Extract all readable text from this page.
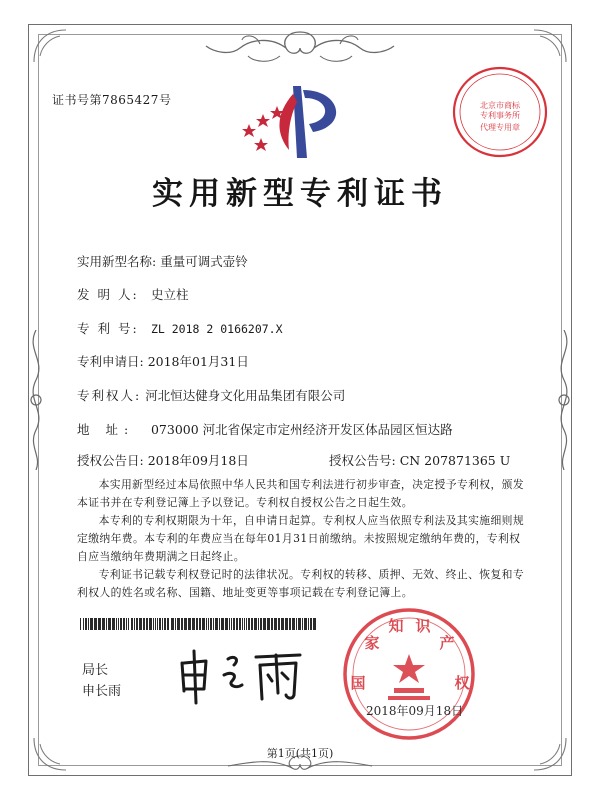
证书号第7865427号	北京市商标
专利事务所
代理专用章
实用新型专利证书
实用新型名称: 重量可调式壶铃
发 明 人: 史立柱
专 利 号: ZL 2018 2 0166207.X
专利申请日: 2018年01月31日
专利权人: 河北恒达健身文化用品集团有限公司
地 址: 073000 河北省保定市定州经济开发区体品园区恒达路
授权公告日: 2018年09月18日	授权公告号: CN 207871365 U

本实用新型经过本局依照中华人民共和国专利法进行初步审查，决定授予专利权，颁发本证书并在专利登记簿上予以登记。专利权自授权公告之日起生效。

本专利的专利权期限为十年，自申请日起算。专利权人应当依照专利法及其实施细则规定缴纳年费。本专利的年费应当在每年01月31日前缴纳。未按照规定缴纳年费的，专利权自应当缴纳年费期满之日起终止。

专利证书记载专利权登记时的法律状况。专利权的转移、质押、无效、终止、恢复和专利权人的姓名或名称、国籍、地址变更等事项记载在专利登记簿上。

局长
申长雨	国
家
知 识
产
权
2018年09月18日
第1页(共1页)
